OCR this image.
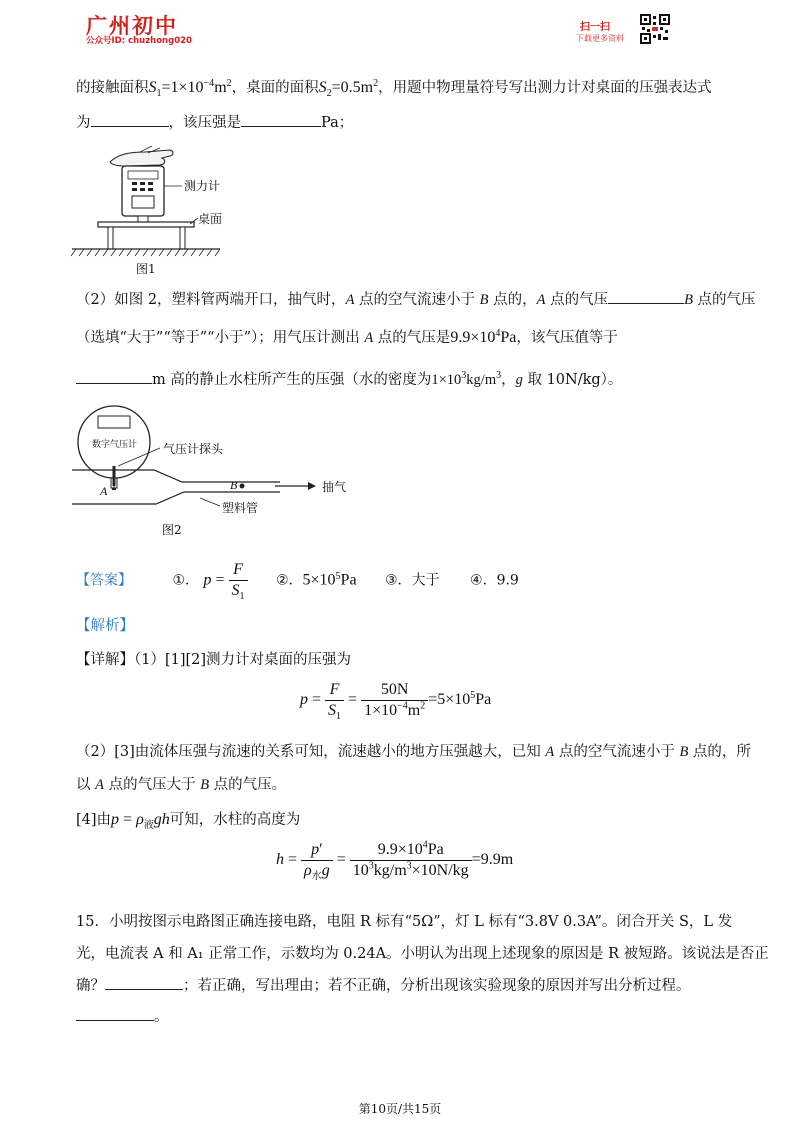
广州初中
公众号ID: chuzhong020
扫一扫
下载更多资料
的接触面积$S_1=1\times 10^{-4}m^2$，桌面的面积$S_2=0.5m^2$，用题中物理量符号写出测力计对桌面的压强表达式
为	，该压强是	Pa；
测力计
桌面
图1
（2）如图 2，塑料管两端开口，抽气时，A 点的空气流速小于 B 点的，A 点的气压	B 点的气压
（选填“大于”“等于”“小于”）；用气压计测出 A 点的气压是$9.9\times 10^4Pa$，该气压值等于
m 高的静止水柱所产生的压强（水的密度为$1\times 10^3kg/m^3$，g 取 10N/kg）。
数字气压计 气压计探头
A	B	抽气
塑料管
图2
【答案】	①． $p = \frac{F}{S_1}$ ②．$5\times 10^5Pa$ ③．大于 ④．9.9
【解析】
【详解】（1）[1][2]测力计对桌面的压强为
$p = \frac{F}{S_1} = \frac{50N}{1\times 10^{-4}m^2} =5\times 10^5Pa$
（2）[3]由流体压强与流速的关系可知，流速越小的地方压强越大，已知 A 点的空气流速小于 B 点的，所
以 A 点的气压大于 B 点的气压。
[4]由$p = \rho_液gh$可知，水柱的高度为
$h = \frac{p'}{\rho_水g} = \frac{9.9\times 10^4Pa}{10^3kg/m^3\times 10N/kg} =9.9m$
15．小明按图示电路图正确连接电路，电阻 R 标有“5Ω”，灯 L 标有“3.8V 0.3A”。闭合开关 S，L 发
光，电流表 A 和 A₁ 正常工作，示数均为 0.24A。小明认为出现上述现象的原因是 R 被短路。该说法是否正
确？	；若正确，写出理由；若不正确，分析出现该实验现象的原因并写出分析过程。
。
第10页/共15页
